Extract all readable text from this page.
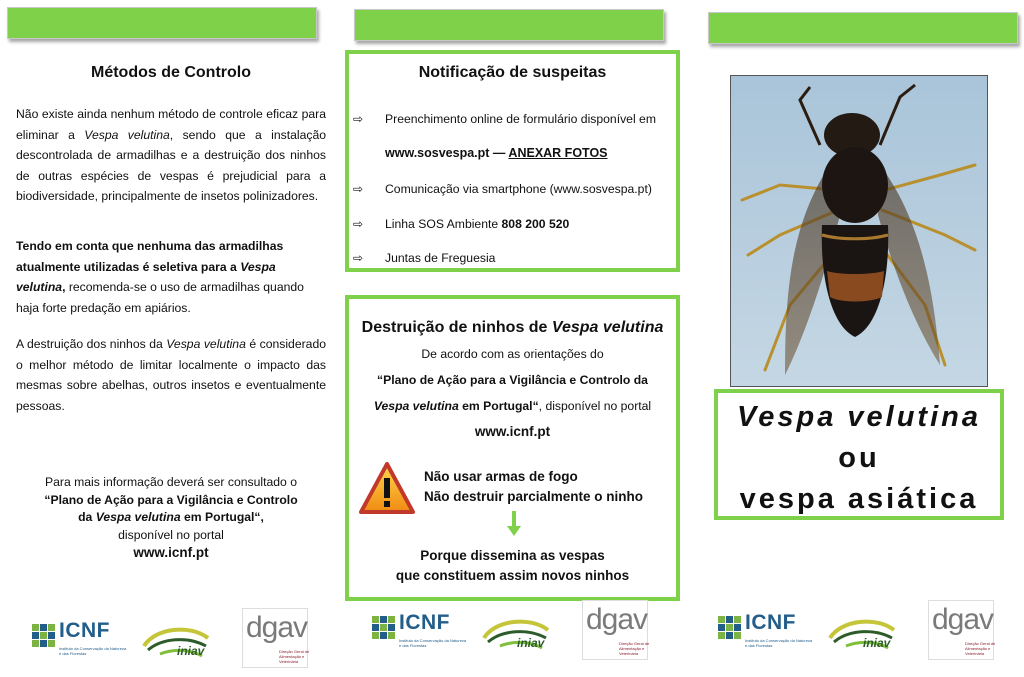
Métodos de Controlo
Não existe ainda nenhum método de controle eficaz para eliminar a Vespa velutina, sendo que a instalação descontrolada de armadilhas e a destruição dos ninhos de outras espécies de vespas é prejudicial para a biodiversidade, principalmente de insetos polinizadores.
Tendo em conta que nenhuma das armadilhas atualmente utilizadas é seletiva para a Vespa velutina, recomenda-se o uso de armadilhas quando haja forte predação em apiários.
A destruição dos ninhos da Vespa velutina é considerado o melhor método de limitar localmente o impacto das mesmas sobre abelhas, outros insetos e eventualmente pessoas.
Para mais informação deverá ser consultado o
“Plano de Ação para a Vigilância e Controlo
da Vespa velutina em Portugal“,
disponível no portal
www.icnf.pt
Notificação de suspeitas
⇨ Preenchimento online de formulário disponível em
www.sosvespa.pt — ANEXAR FOTOS
⇨ Comunicação via smartphone (www.sosvespa.pt)
⇨ Linha SOS Ambiente 808 200 520
⇨ Juntas de Freguesia
Destruição de ninhos de Vespa velutina
De acordo com as orientações do
“Plano de Ação para a Vigilância e Controlo da
Vespa velutina em Portugal“, disponível no portal
www.icnf.pt
Não usar armas de fogo
Não destruir parcialmente o ninho
Porque dissemina as vespas
que constituem assim novos ninhos
Vespa velutina
ou
vespa asiática
ICNF
Instituto da Conservação da Natureza e das Florestas	iniav
dgav
Direção Geral de Alimentação e Veterinária
ICNF
Instituto da Conservação da Natureza e das Florestas	iniav
dgav
Direção Geral de Alimentação e Veterinária
ICNF
Instituto da Conservação da Natureza e das Florestas	iniav
dgav
Direção Geral de Alimentação e Veterinária
